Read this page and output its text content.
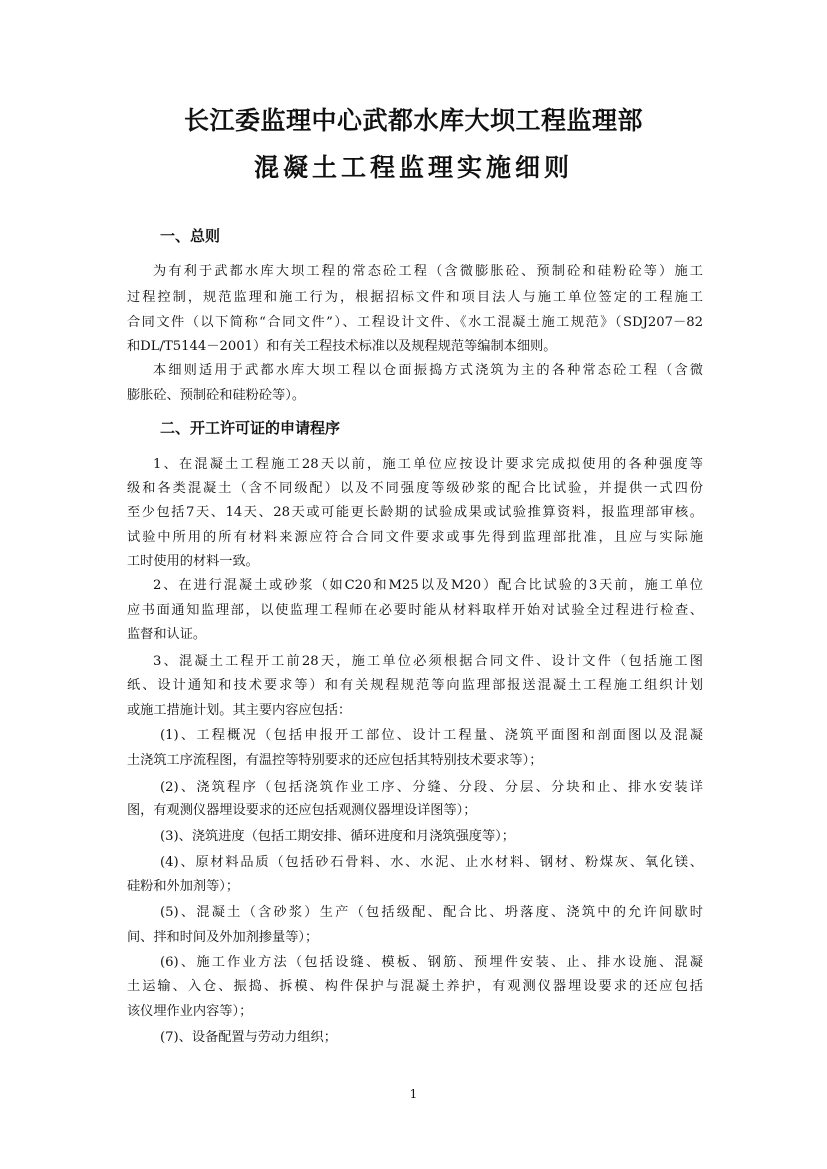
长江委监理中心武都水库大坝工程监理部
混凝土工程监理实施细则
一、总则
为有利于武都水库大坝工程的常态砼工程（含微膨胀砼、预制砼和硅粉砼等）施工
过程控制，规范监理和施工行为，根据招标文件和项目法人与施工单位签定的工程施工
合同文件（以下简称“合同文件”）、工程设计文件、《水工混凝土施工规范》（SDJ207－82
和DL/T5144－2001）和有关工程技术标准以及规程规范等编制本细则。
本细则适用于武都水库大坝工程以仓面振捣方式浇筑为主的各种常态砼工程（含微
膨胀砼、预制砼和硅粉砼等）。
二、开工许可证的申请程序
1、在混凝土工程施工28天以前，施工单位应按设计要求完成拟使用的各种强度等
级和各类混凝土（含不同级配）以及不同强度等级砂浆的配合比试验，并提供一式四份
至少包括7天、14天、28天或可能更长龄期的试验成果或试验推算资料，报监理部审核。
试验中所用的所有材料来源应符合合同文件要求或事先得到监理部批准，且应与实际施
工时使用的材料一致。
2、在进行混凝土或砂浆（如C20和M25以及M20）配合比试验的3天前，施工单位
应书面通知监理部，以使监理工程师在必要时能从材料取样开始对试验全过程进行检查、
监督和认证。
3、混凝土工程开工前28天，施工单位必须根据合同文件、设计文件（包括施工图
纸、设计通知和技术要求等）和有关规程规范等向监理部报送混凝土工程施工组织计划
或施工措施计划。其主要内容应包括：
(1)、工程概况（包括申报开工部位、设计工程量、浇筑平面图和剖面图以及混凝
土浇筑工序流程图，有温控等特别要求的还应包括其特别技术要求等）；
(2)、浇筑程序（包括浇筑作业工序、分缝、分段、分层、分块和止、排水安装详
图，有观测仪器埋设要求的还应包括观测仪器埋设详图等）；
(3)、浇筑进度（包括工期安排、循环进度和月浇筑强度等）；
(4)、原材料品质（包括砂石骨料、水、水泥、止水材料、钢材、粉煤灰、氧化镁、
硅粉和外加剂等）；
(5)、混凝土（含砂浆）生产（包括级配、配合比、坍落度、浇筑中的允许间歇时
间、拌和时间及外加剂掺量等）；
(6)、施工作业方法（包括设缝、模板、钢筋、预埋件安装、止、排水设施、混凝
土运输、入仓、振捣、拆模、构件保护与混凝土养护，有观测仪器埋设要求的还应包括
该仪埋作业内容等）；
(7)、设备配置与劳动力组织；
1
